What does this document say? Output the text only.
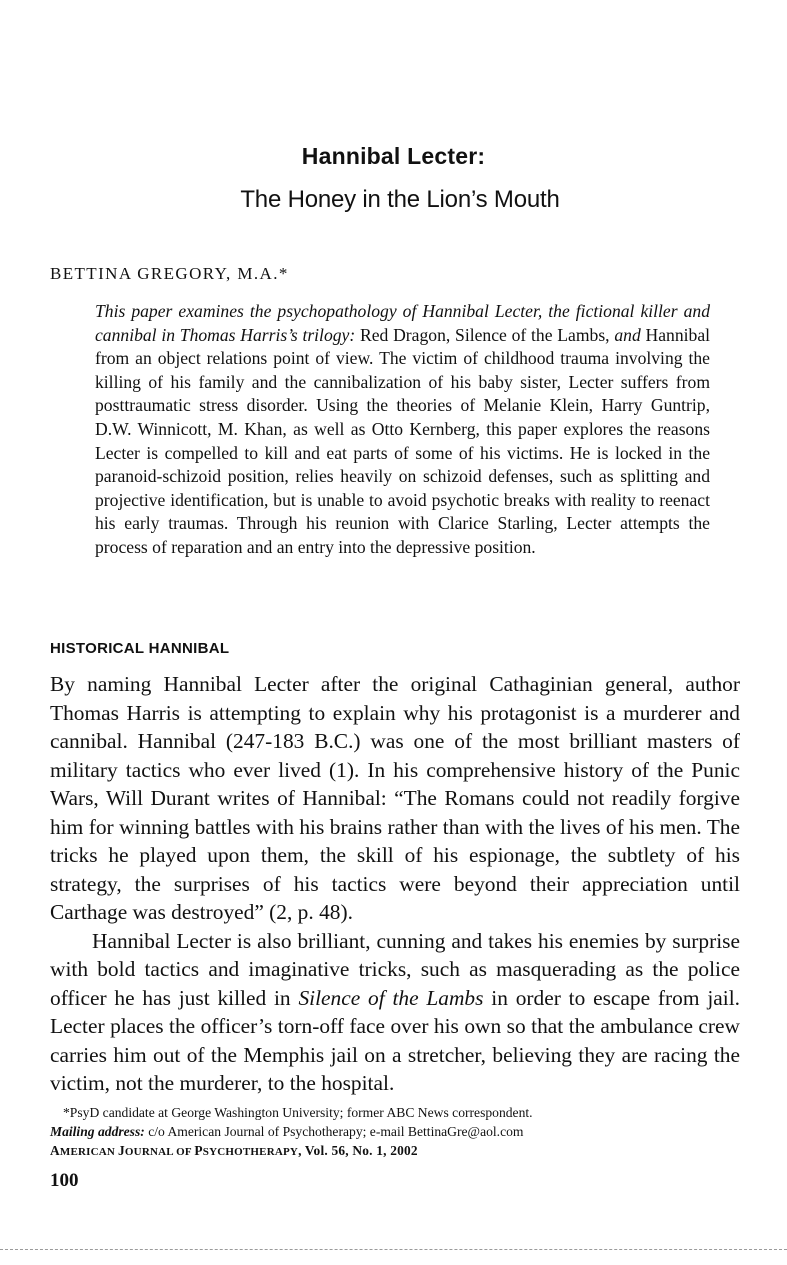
Hannibal Lecter:
The Honey in the Lion’s Mouth
BETTINA GREGORY, M.A.*
This paper examines the psychopathology of Hannibal Lecter, the fictional killer and cannibal in Thomas Harris’s trilogy: Red Dragon, Silence of the Lambs, and Hannibal from an object relations point of view. The victim of childhood trauma involving the killing of his family and the cannibalization of his baby sister, Lecter suffers from posttraumatic stress disorder. Using the theories of Melanie Klein, Harry Guntrip, D.W. Winnicott, M. Khan, as well as Otto Kernberg, this paper explores the reasons Lecter is compelled to kill and eat parts of some of his victims. He is locked in the paranoid-schizoid position, relies heavily on schizoid defenses, such as splitting and projective identification, but is unable to avoid psychotic breaks with reality to reenact his early traumas. Through his reunion with Clarice Starling, Lecter attempts the process of reparation and an entry into the depressive position.
HISTORICAL HANNIBAL

By naming Hannibal Lecter after the original Cathaginian general, author Thomas Harris is attempting to explain why his protagonist is a murderer and cannibal. Hannibal (247-183 B.C.) was one of the most brilliant masters of military tactics who ever lived (1). In his comprehensive history of the Punic Wars, Will Durant writes of Hannibal: “The Romans could not readily forgive him for winning battles with his brains rather than with the lives of his men. The tricks he played upon them, the skill of his espionage, the subtlety of his strategy, the surprises of his tactics were beyond their appreciation until Carthage was destroyed” (2, p. 48).

Hannibal Lecter is also brilliant, cunning and takes his enemies by surprise with bold tactics and imaginative tricks, such as masquerading as the police officer he has just killed in Silence of the Lambs in order to escape from jail. Lecter places the officer’s torn-off face over his own so that the ambulance crew carries him out of the Memphis jail on a stretcher, believing they are racing the victim, not the murderer, to the hospital.

*PsyD candidate at George Washington University; former ABC News correspondent.
Mailing address: c/o American Journal of Psychotherapy; e-mail BettinaGre@aol.com
AMERICAN JOURNAL OF PSYCHOTHERAPY, Vol. 56, No. 1, 2002
100
